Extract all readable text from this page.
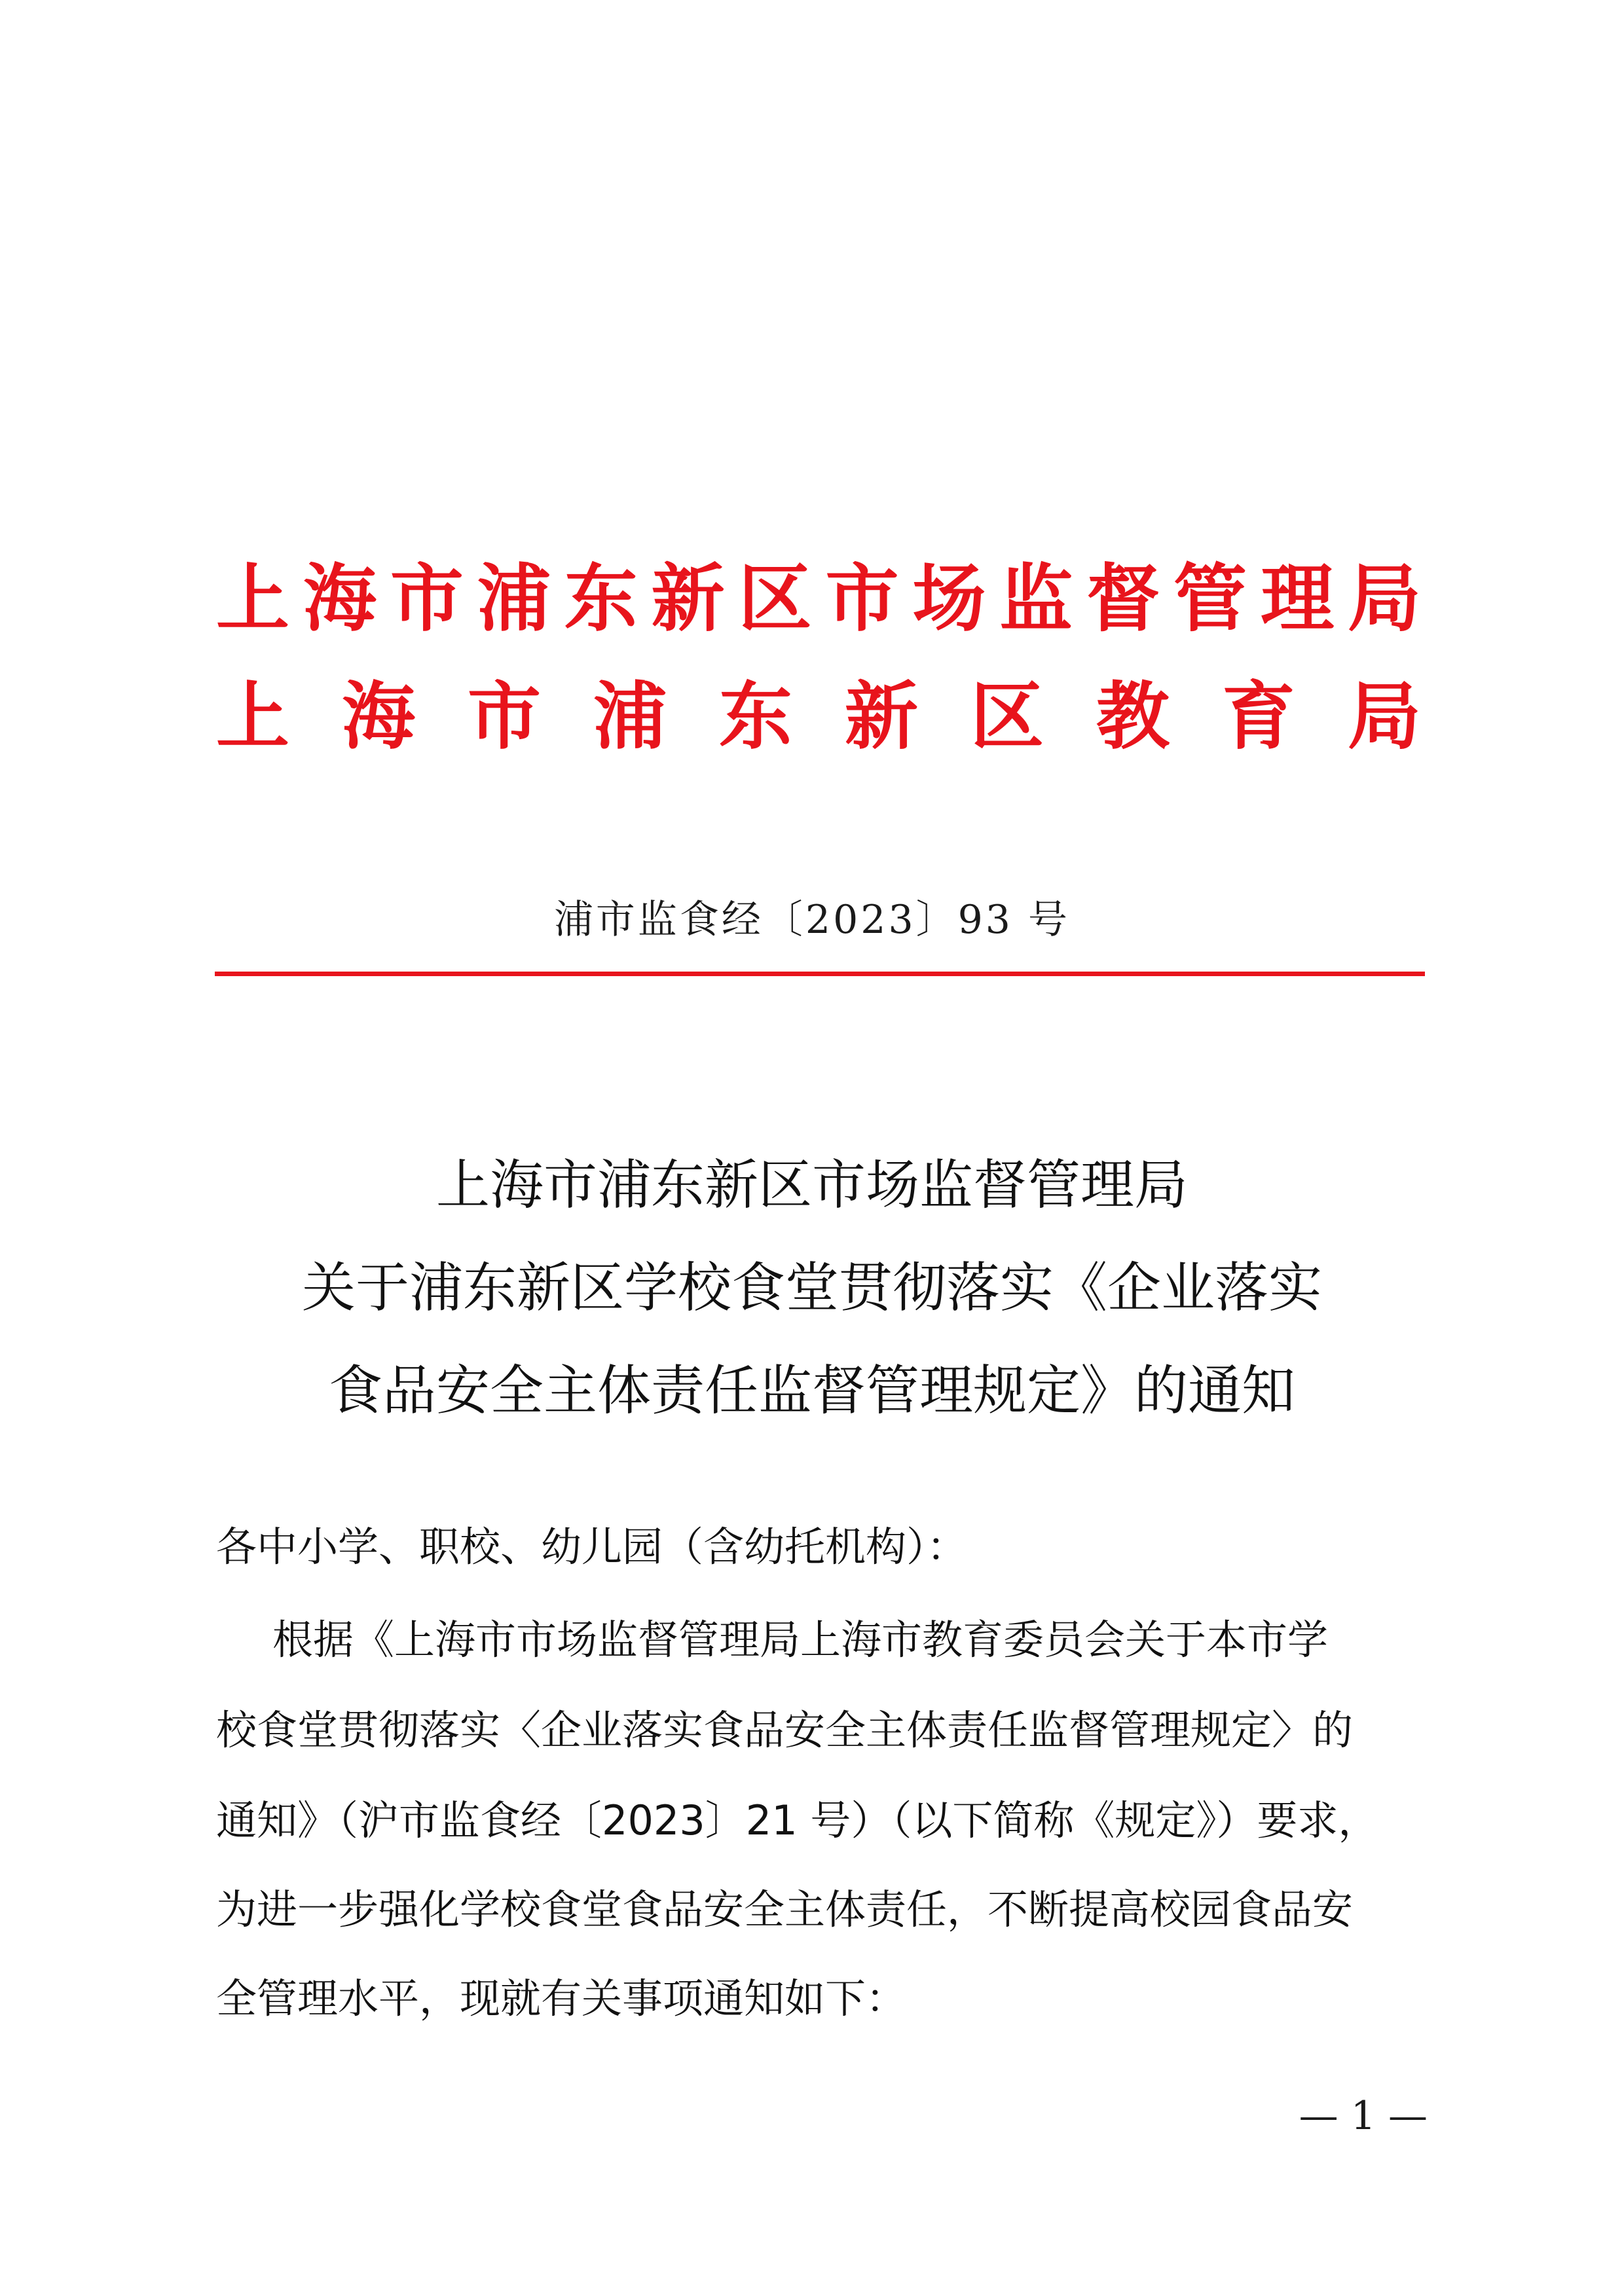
上 海 市 浦 东 新 区 市 场 监 督 管 理 局
上 海 市 浦 东 新 区 教 育 局
浦市监食经〔2023〕93 号
上海市浦东新区市场监督管理局
关于浦东新区学校食堂贯彻落实《企业落实
食品安全主体责任监督管理规定》的通知
各中小学、职校、幼儿园（含幼托机构）：
根据《上海市市场监督管理局上海市教育委员会关于本市学
校食堂贯彻落实〈企业落实食品安全主体责任监督管理规定〉的
通知》（沪市监食经〔2023〕21 号）（以下简称《规定》）要求，
为进一步强化学校食堂食品安全主体责任，不断提高校园食品安
全管理水平，现就有关事项通知如下：
— 1 —
